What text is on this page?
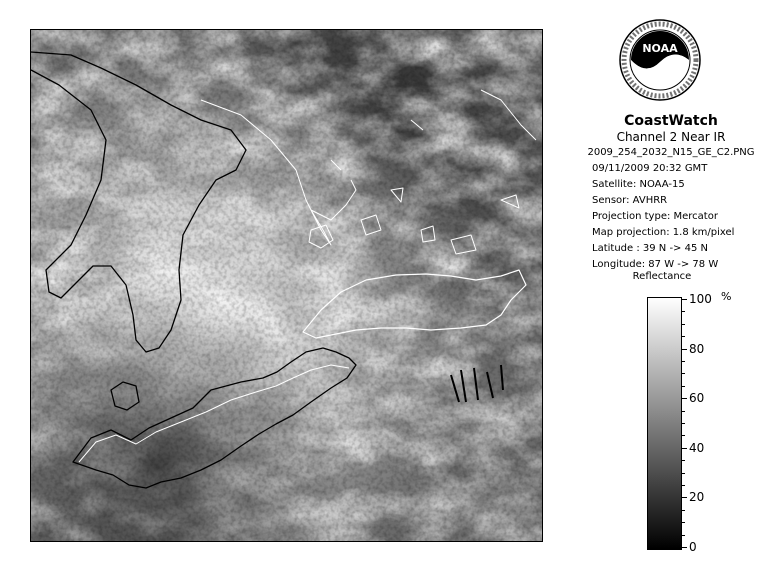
NOAA
CoastWatch
Channel 2 Near IR
2009_254_2032_N15_GE_C2.PNG
09/11/2009 20:32 GMT
Satellite: NOAA-15
Sensor: AVHRR
Projection type: Mercator
Map projection: 1.8 km/pixel
Latitude : 39 N -> 45 N
Longitude: 87 W -> 78 W
Reflectance
%
100
80
60
40
20
0
